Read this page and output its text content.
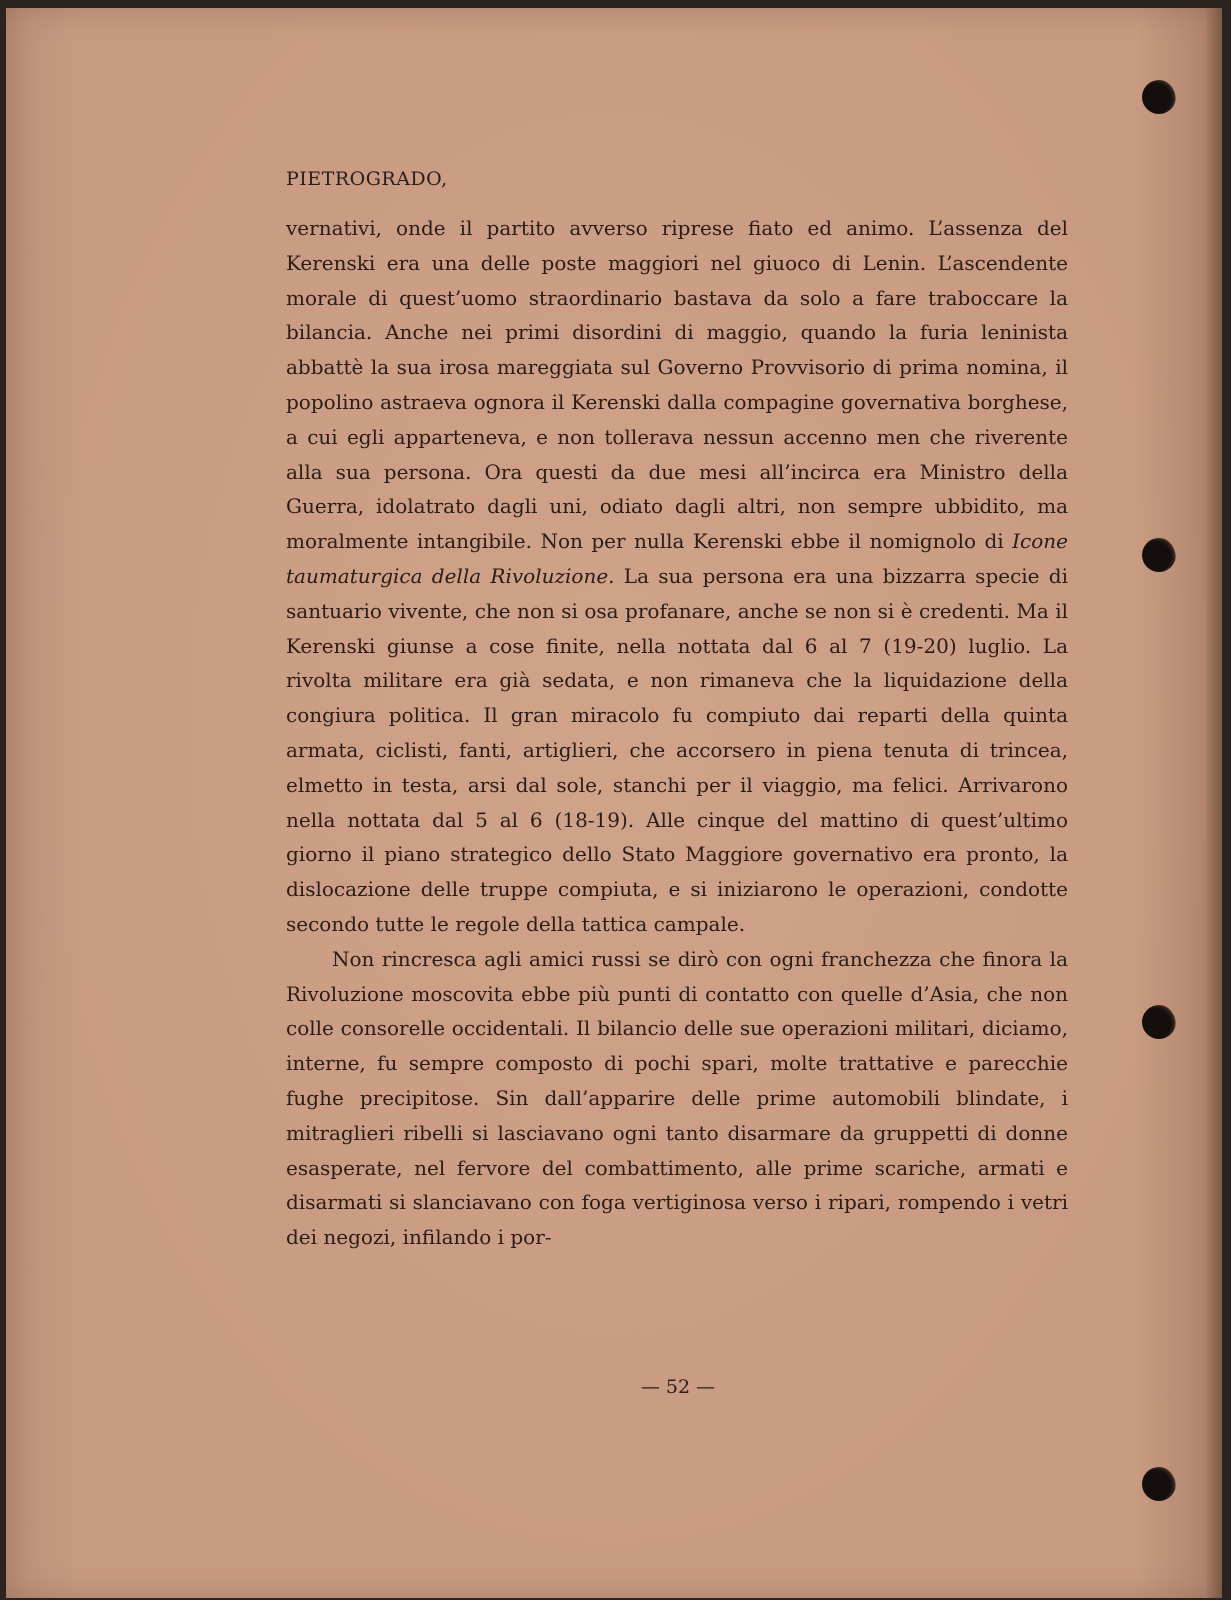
PIETROGRADO,

vernativi, onde il partito avverso riprese fiato ed animo. L’assenza del Kerenski era una delle poste maggiori nel giuoco di Lenin. L’ascendente morale di quest’uomo straordinario bastava da solo a fare traboccare la bilancia. Anche nei primi disordini di maggio, quando la furia leninista abbattè la sua irosa mareggiata sul Governo Provvisorio di prima nomina, il popolino astraeva ognora il Kerenski dalla compagine governativa borghese, a cui egli apparteneva, e non tollerava nessun accenno men che riverente alla sua persona. Ora questi da due mesi all’incirca era Ministro della Guerra, idolatrato dagli uni, odiato dagli altri, non sempre ubbidito, ma moralmente intangibile. Non per nulla Kerenski ebbe il nomignolo di Icone taumaturgica della Rivoluzione. La sua persona era una bizzarra specie di santuario vivente, che non si osa profanare, anche se non si è credenti. Ma il Kerenski giunse a cose finite, nella nottata dal 6 al 7 (19-20) luglio. La rivolta militare era già sedata, e non rimaneva che la liquidazione della congiura politica. Il gran miracolo fu compiuto dai reparti della quinta armata, ciclisti, fanti, artiglieri, che accorsero in piena tenuta di trincea, elmetto in testa, arsi dal sole, stanchi per il viaggio, ma felici. Arrivarono nella nottata dal 5 al 6 (18-19). Alle cinque del mattino di quest’ultimo giorno il piano strategico dello Stato Maggiore governativo era pronto, la dislocazione delle truppe compiuta, e si iniziarono le operazioni, condotte secondo tutte le regole della tattica campale.

Non rincresca agli amici russi se dirò con ogni franchezza che finora la Rivoluzione moscovita ebbe più punti di contatto con quelle d’Asia, che non colle consorelle occidentali. Il bilancio delle sue operazioni militari, diciamo, interne, fu sempre composto di pochi spari, molte trattative e parecchie fughe precipitose. Sin dall’apparire delle prime automobili blindate, i mitraglieri ribelli si lasciavano ogni tanto disarmare da gruppetti di donne esasperate, nel fervore del combattimento, alle prime scariche, armati e disarmati si slanciavano con foga vertiginosa verso i ripari, rompendo i vetri dei negozi, infilando i por-

— 52 —
